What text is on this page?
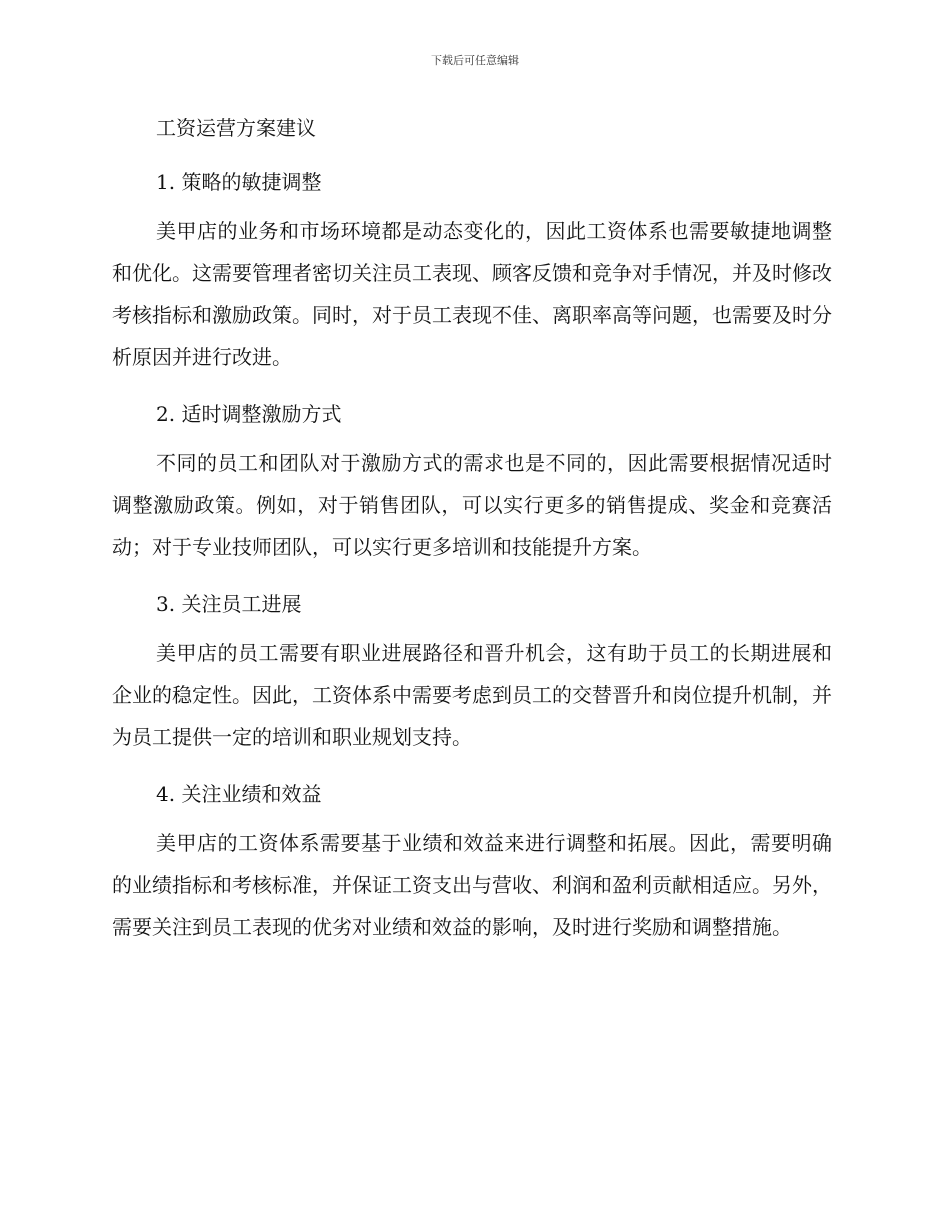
下载后可任意编辑
工资运营方案建议
1. 策略的敏捷调整

美甲店的业务和市场环境都是动态变化的，因此工资体系也需要敏捷地调整和优化。这需要管理者密切关注员工表现、顾客反馈和竞争对手情况，并及时修改考核指标和激励政策。同时，对于员工表现不佳、离职率高等问题，也需要及时分析原因并进行改进。

2. 适时调整激励方式

不同的员工和团队对于激励方式的需求也是不同的，因此需要根据情况适时调整激励政策。例如，对于销售团队，可以实行更多的销售提成、奖金和竞赛活动；对于专业技师团队，可以实行更多培训和技能提升方案。

3. 关注员工进展

美甲店的员工需要有职业进展路径和晋升机会，这有助于员工的长期进展和企业的稳定性。因此，工资体系中需要考虑到员工的交替晋升和岗位提升机制，并为员工提供一定的培训和职业规划支持。

4. 关注业绩和效益

美甲店的工资体系需要基于业绩和效益来进行调整和拓展。因此，需要明确的业绩指标和考核标准，并保证工资支出与营收、利润和盈利贡献相适应。另外，需要关注到员工表现的优劣对业绩和效益的影响，及时进行奖励和调整措施。
